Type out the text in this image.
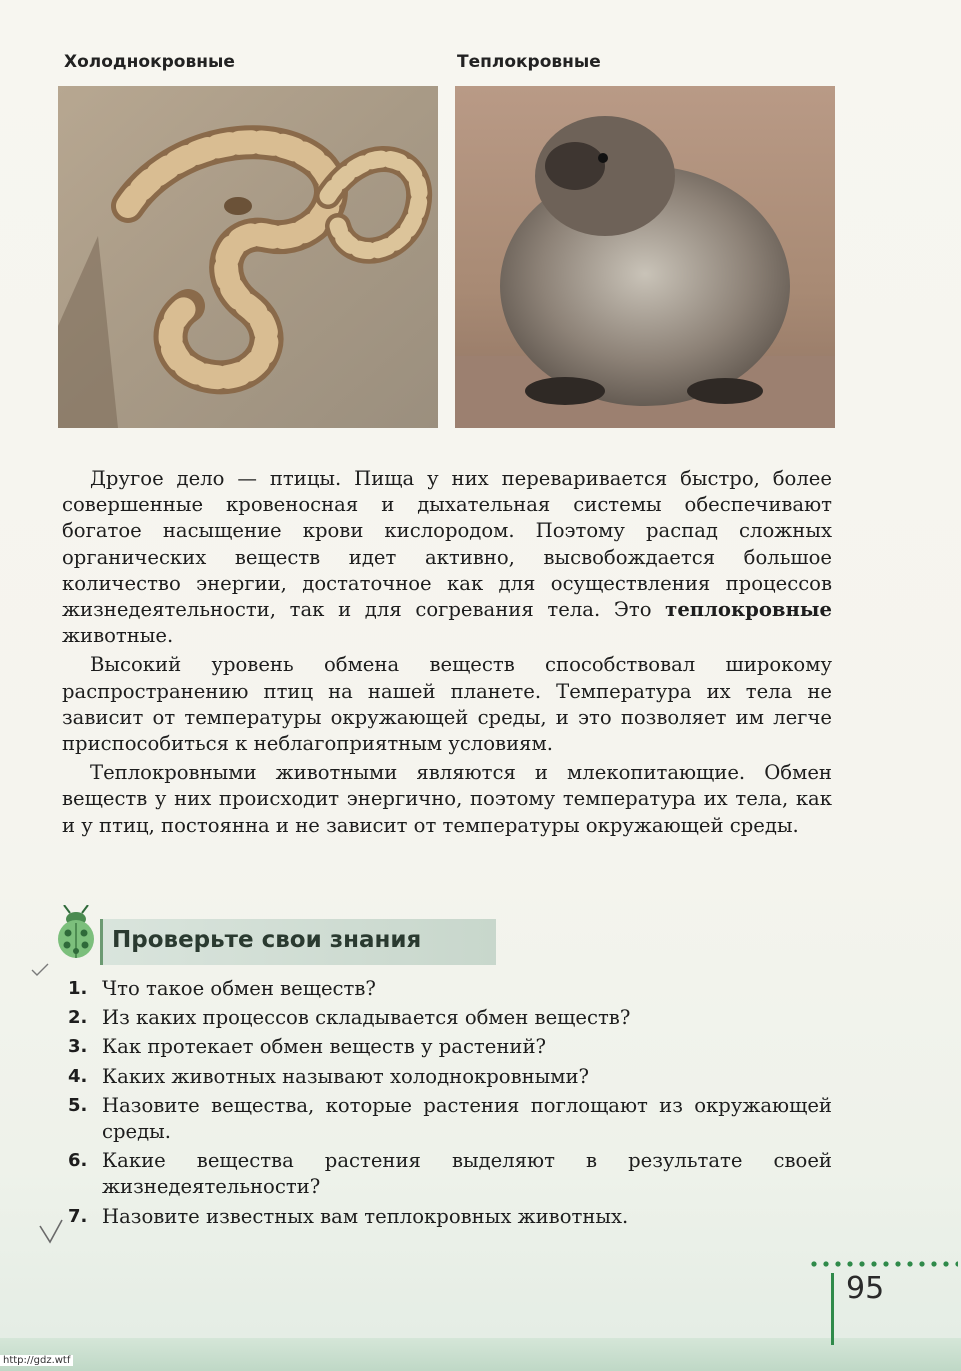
Холоднокровные	Теплокровные

Другое дело — птицы. Пища у них переваривается быстро, более совершенные кровеносная и дыхательная системы обеспечивают богатое насыщение крови кислородом. Поэтому распад сложных органических веществ идет активно, высвобождается большое количество энергии, достаточное как для осуществления процессов жизнедеятельности, так и для согревания тела. Это теплокровные животные.

Высокий уровень обмена веществ способствовал широкому распространению птиц на нашей планете. Температура их тела не зависит от температуры окружающей среды, и это позволяет им легче приспособиться к неблагоприятным условиям.

Теплокровными животными являются и млекопитающие. Обмен веществ у них происходит энергично, поэтому температура их тела, как и у птиц, постоянна и не зависит от температуры окружающей среды.

Проверьте свои знания
1. Что такое обмен веществ?
2. Из каких процессов складывается обмен веществ?
3. Как протекает обмен веществ у растений?
4. Каких животных называют холоднокровными?
5. Назовите вещества, которые растения поглощают из окружающей среды.
6. Какие вещества растения выделяют в результате своей жизнедеятельности?
7. Назовите известных вам теплокровных животных.
95
http://gdz.wtf
